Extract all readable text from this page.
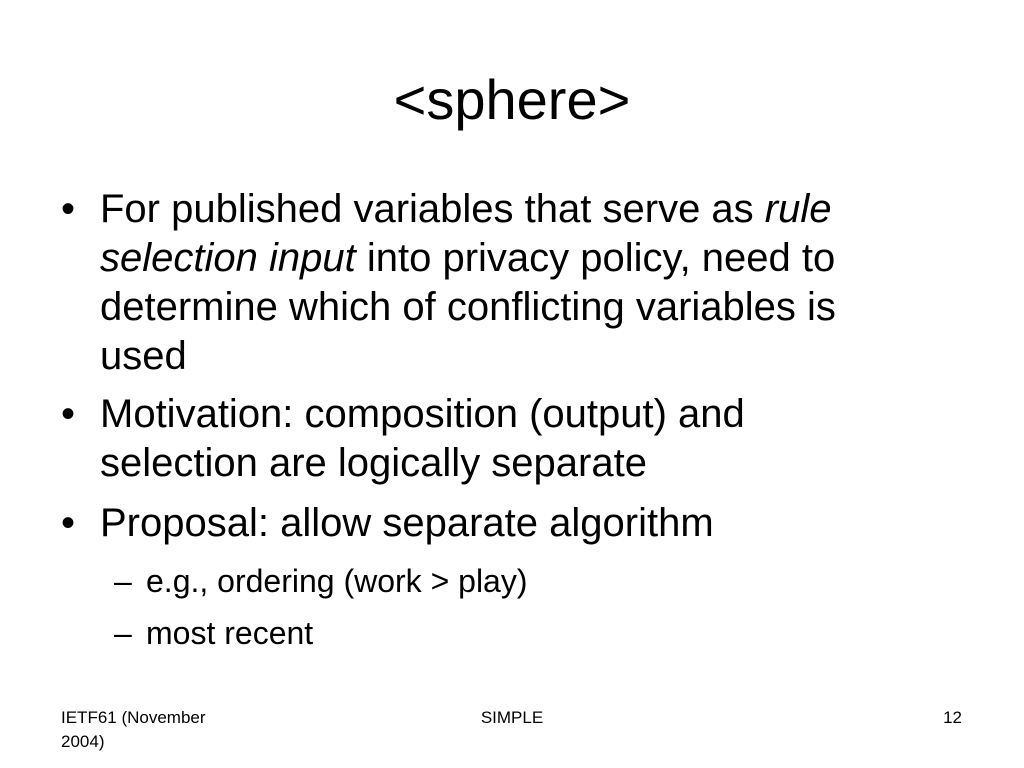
<sphere>
• For published variables that serve as rule
selection input into privacy policy, need to
determine which of conflicting variables is
used
• Motivation: composition (output) and
selection are logically separate
• Proposal: allow separate algorithm
– e.g., ordering (work > play)
– most recent
IETF61 (November
2004)
SIMPLE	12
